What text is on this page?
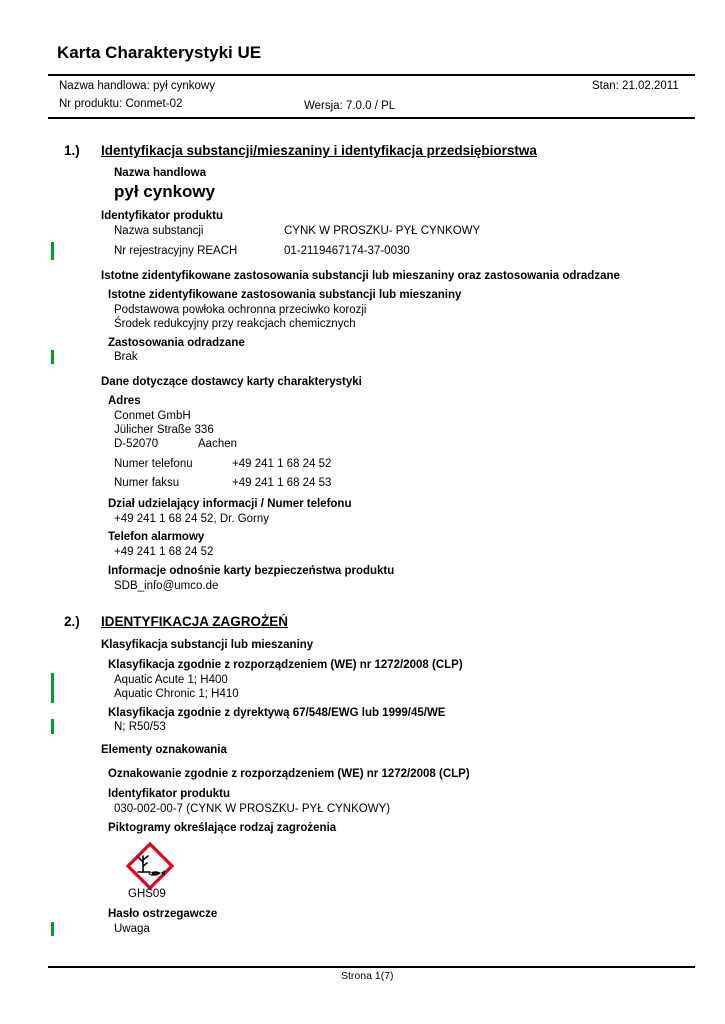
Karta Charakterystyki UE
Nazwa handlowa: pył cynkowy	Stan: 21.02.2011
Nr produktu: Conmet-02	Wersja: 7.0.0 / PL
1.) Identyfikacja substancji/mieszaniny i identyfikacja przedsiębiorstwa
Nazwa handlowa
pył cynkowy
Identyfikator produktu
Nazwa substancji	CYNK W PROSZKU- PYŁ CYNKOWY
Nr rejestracyjny REACH	01-2119467174-37-0030
Istotne zidentyfikowane zastosowania substancji lub mieszaniny oraz zastosowania odradzane
Istotne zidentyfikowane zastosowania substancji lub mieszaniny
Podstawowa powłoka ochronna przeciwko korozji
Środek redukcyjny przy reakcjach chemicznych
Zastosowania odradzane
Brak
Dane dotyczące dostawcy karty charakterystyki
Adres
Conmet GmbH
Jülicher Straße 336
D-52070	Aachen
Numer telefonu	+49 241 1 68 24 52
Numer faksu	+49 241 1 68 24 53
Dział udzielający informacji / Numer telefonu
+49 241 1 68 24 52, Dr. Gorny
Telefon alarmowy
+49 241 1 68 24 52
Informacje odnośnie karty bezpieczeństwa produktu
SDB_info@umco.de
2.) IDENTYFIKACJA ZAGROŻEŃ
Klasyfikacja substancji lub mieszaniny
Klasyfikacja zgodnie z rozporządzeniem (WE) nr 1272/2008 (CLP)
Aquatic Acute 1; H400
Aquatic Chronic 1; H410
Klasyfikacja zgodnie z dyrektywą 67/548/EWG lub 1999/45/WE
N; R50/53
Elementy oznakowania
Oznakowanie zgodnie z rozporządzeniem (WE) nr 1272/2008 (CLP)
Identyfikator produktu
030-002-00-7 (CYNK W PROSZKU- PYŁ CYNKOWY)
Piktogramy określające rodzaj zagrożenia
GHS09
Hasło ostrzegawcze
Uwaga
Strona 1(7)
